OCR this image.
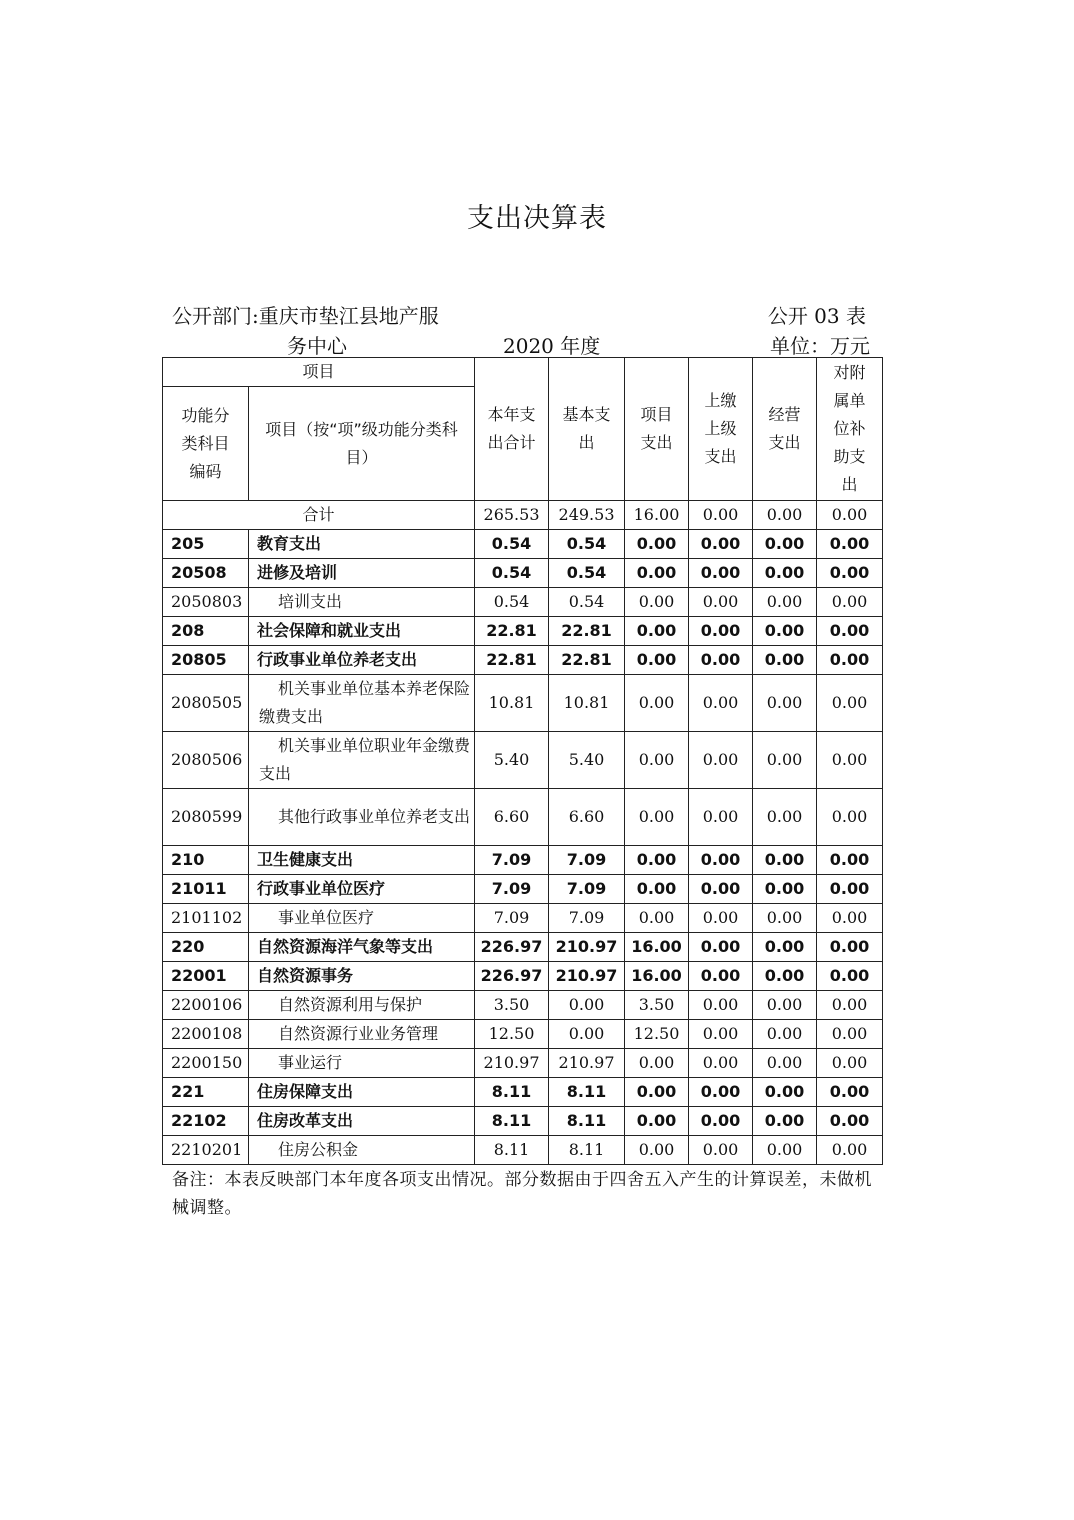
支出决算表
公开部门:重庆市垫江县地产服
务中心	2020 年度
公开 03 表
单位：万元
项目		本年支出合计	基本支出	项目支出	上缴上级支出	经营支出	对附属单位补助支出

功能分类科目编码	项目（按“项”级功能分类科目）						

合计		265.53	249.53	16.00	0.00	0.00	0.00
205	教育支出	0.54	0.54	0.00	0.00	0.00	0.00
20508	进修及培训	0.54	0.54	0.00	0.00	0.00	0.00
2050803	培训支出	0.54	0.54	0.00	0.00	0.00	0.00
208	社会保障和就业支出	22.81	22.81	0.00	0.00	0.00	0.00
20805	行政事业单位养老支出	22.81	22.81	0.00	0.00	0.00	0.00
2080505	机关事业单位基本养老保险缴费支出	10.81	10.81	0.00	0.00	0.00	0.00
2080506	机关事业单位职业年金缴费支出	5.40	5.40	0.00	0.00	0.00	0.00
2080599	其他行政事业单位养老支出	6.60	6.60	0.00	0.00	0.00	0.00
210	卫生健康支出	7.09	7.09	0.00	0.00	0.00	0.00
21011	行政事业单位医疗	7.09	7.09	0.00	0.00	0.00	0.00
2101102	事业单位医疗	7.09	7.09	0.00	0.00	0.00	0.00
220	自然资源海洋气象等支出	226.97	210.97	16.00	0.00	0.00	0.00
22001	自然资源事务	226.97	210.97	16.00	0.00	0.00	0.00
2200106	自然资源利用与保护	3.50	0.00	3.50	0.00	0.00	0.00
2200108	自然资源行业业务管理	12.50	0.00	12.50	0.00	0.00	0.00
2200150	事业运行	210.97	210.97	0.00	0.00	0.00	0.00
221	住房保障支出	8.11	8.11	0.00	0.00	0.00	0.00
22102	住房改革支出	8.11	8.11	0.00	0.00	0.00	0.00
2210201	住房公积金	8.11	8.11	0.00	0.00	0.00	0.00
备注：本表反映部门本年度各项支出情况。部分数据由于四舍五入产生的计算误差，未做机械调整。
